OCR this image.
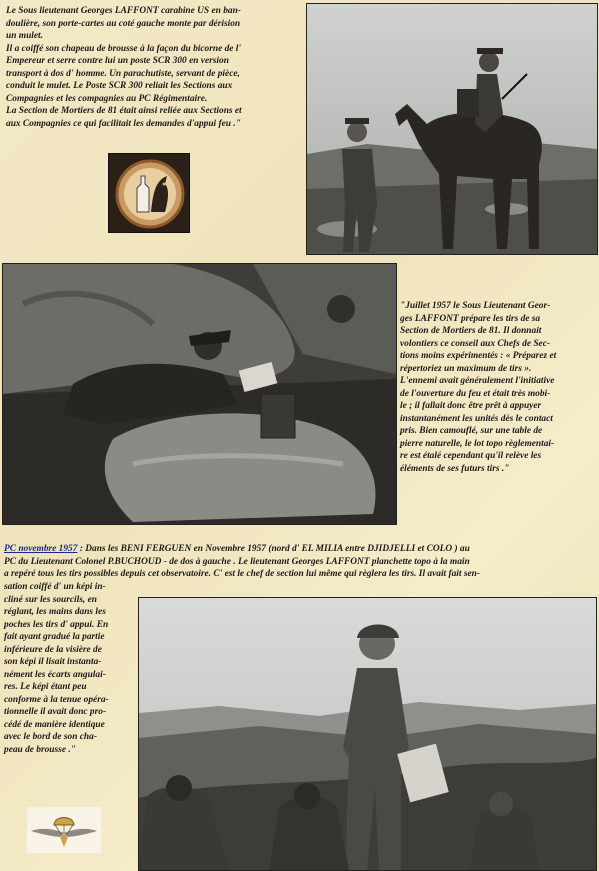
Le Sous lieutenant Georges LAFFONT carabine US en ban-
doulière, son porte-cartes au coté gauche monte par dérision
un mulet.
Il a coiffé son chapeau de brousse à la façon du bicorne de l'
Empereur et serre contre lui un poste SCR 300 en version
transport à dos d' homme. Un parachutiste, servant de pièce,
conduit le mulet. Le Poste SCR 300 reliait les Sections aux
Compagnies et les compagnies au PC Régimentaire.
La Section de Mortiers de 81 était ainsi reliée aux Sections et
aux Compagnies ce qui facilitait les demandes d'appui feu ."
"Juillet 1957 le Sous Lieutenant Geor-
ges LAFFONT prépare les tirs de sa
Section de Mortiers de 81. Il donnait
volontiers ce conseil aux Chefs de Sec-
tions moins expérimentés : « Préparez et
répertoriez un maximum de tirs ».
L'ennemi avait généralement l'initiative
de l'ouverture du feu et était très mobi-
le ; il fallait donc être prêt à appuyer
instantanément les unités dès le contact
pris. Bien camouflé, sur une table de
pierre naturelle, le lot topo règlementai-
re est étalé cependant qu'il relève les
éléments de ses futurs tirs ."
PC novembre 1957 : Dans les BENI FERGUEN en Novembre 1957 (nord d' EL MILIA entre DJIDJELLI et COLO ) au
PC du Lieutenant Colonel P.BUCHOUD - de dos à gauche . Le lieutenant Georges LAFFONT planchette topo à la main
a repéré tous les tirs possibles depuis cet observatoire. C' est le chef de section lui même qui règlera les tirs. Il avait fait sen-
sation coiffé d' un képi in-
cliné sur les sourcils, en
réglant, les mains dans les
poches les tirs d' appui. En
fait ayant gradué la partie
inférieure de la visière de
son képi il lisait instanta-
nément les écarts angulai-
res. Le képi étant peu
conforme à la tenue opéra-
tionnelle il avait donc pro-
cédé de manière identique
avec le bord de son cha-
peau de brousse ."
